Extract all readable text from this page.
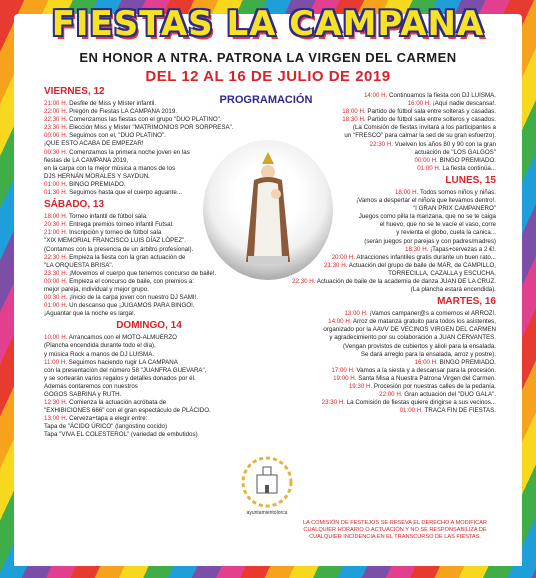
FIESTAS LA CAMPANA
EN HONOR A NTRA. PATRONA LA VIRGEN DEL CARMEN
DEL 12 AL 16 DE JULIO DE 2019
PROGRAMACIÓN
VIERNES, 12

21:00 H. Desfile de Miss y Míster infantil.

22:00 H. Pregón de Fiestas LA CAMPANA 2019.

22:30 H. Comenzamos las fiestas con el grupo "DUO PLATINO".

23:30 H. Elección Miss y Míster "MATRIMONIOS POR SORPRESA".

00:00 H. Seguimos con el, "DUO PLATINO".

¡QUE ESTO ACABA DE EMPEZAR!

00:30 H. Comenzamos la primera noche joven en las

fiestas de LA CAMPANA 2019,

en la carpa con la mejor música a manos de los

DJS HERNÁN MORALES Y SAYDUN.

01:00 H. BINGO PREMIADO.

01:30 H. Seguimos hasta que el cuerpo aguante...

SÁBADO, 13

18:00 H. Torneo infantil de fútbol sala.

20:30 H. Entrega premios torneo infantil Futsal.

21:00 H. Inscripción y torneo de fútbol sala

"XIX MEMORIAL FRANCISCO LUIS DÍAZ LÓPEZ".

(Contamos con la presencia de un árbitro profesional).

22:30 H. Empieza la fiesta con la gran actuación de

"LA ORQUESTA BRISA".

23:30 H. ¡Movemos el cuerpo que tenemos concurso de baile!.

00:00 H. Empieza el concurso de baile, con premios a:

mejor pareja, individual y mejor grupo.

00:30 H. ¡Inicio de la carpa joven con nuestro DJ SAMI!.

01:00 H. Un descanso que ¡JUGAMOS PARA BINGO!.

¡Aguantar que la noche es larga!.

DOMINGO, 14

10:00 H. Arrancamos con el MOTO-ALMUERZO

(Plancha encendida durante todo el día),

y música Rock a manos de DJ LUISMA.

11:00 H. Seguimos haciendo rugir LA CAMPANA

con la presentación del número 58 "JUANFRA GUEVARA",

y se sortearán varios regalos y detalles donados por él.

Además contaremos con nuestros

GOGOS SABRINA y RUTH.

12:30 H. Comienza la actuación acróbata de

"EXHIBICIONES 666" con el gran espectáculo de PLÁCIDO.

13:00 H. Cerveza+tapa a elegir entre:

Tapa de "ÁCIDO ÚRICO" (langostino cocido)

Tapa "VIVA EL COLESTEROL" (variedad de embutidos)

14:00 H. Continuamos la fiesta con DJ LUISMA.

16:00 H. ¡Aquí nadie descansa!.

18:00 H. Partido de fútbol sala entre solteras y casadas.

18:30 H. Partido de fútbol sala entre solteros y casados.

(La Comisión de fiestas invitará a los participantes a

un "FRESCO" para calmar la sed de su gran esfuerzo).

22:30 H. Vuelven los años 80 y 90 con la gran

actuación de "LOS GALGOS"

00:00 H. BINGO PREMIADO.

01:00 H. La fiesta continúa...

LUNES, 15

18:00 H. Todos somos niños y niñas.

¡Vamos a despertar el niño/a que llevamos dentro!.

"I GRAN PRIX CAMPANERO"

Juegos como pilla la manzana, que no se te caiga

el huevo, que no se te vacíe el vaso, corre

y revienta el globo, cuela la canica...

(serán juegos por parejas y con padres/madres)

18:30 H. ¡Tapas+cervezas a 2 €!.

20:00 H. Atracciones infantiles gratis durante un buen rato...

21:30 H. Actuación del grupo de baile de MAR, de CAMPILLO,

TORRECILLA, CAZALLA y ESCUCHA.

22:30 H. Actuación de baile de la academia de danza JUAN DE LA CRUZ.

(La plancha estará encendida).

MARTES, 16

13:00 H. ¡Vamos campaner@s a comernos el ARROZ!.

14:00 H. Arroz de matanza gratuito para todos los asistentes,

organizado por la AAVV DE VECINOS VIRGEN DEL CARMEN

y agradecimiento por su colaboración a JUAN CERVANTES.

(Vengan provistos de cubiertos y alioli para la ensalada.

Se dará arreglo para la ensalada, arroz y postre).

16:00 H. BINGO PREMIADO.

17:00 H. Vamos a la siesta y a descansar para la procesión.

19:00 H. Santa Misa a Nuestra Patrona Virgen del Carmen.

19:30 H. Procesión por nuestras calles de la pedanía.

22:00 H. Gran actuación del "DUO GALA".

23:30 H. La Comisión de fiestas quiere dirigirse a sus vecinos...

01:00 H. TRACA FIN DE FIESTAS.

ayuntamientolorca
LA COMISIÓN DE FESTEJOS SE RESEVA EL DERECHO A MODIFICAR CUALQUIER HORARIO O ACTUACIÓN Y NO SE RESPONSABILIZA DE CUALQUIER INCIDENCIA EN EL TRANSCURSO DE LAS FIESTAS.
